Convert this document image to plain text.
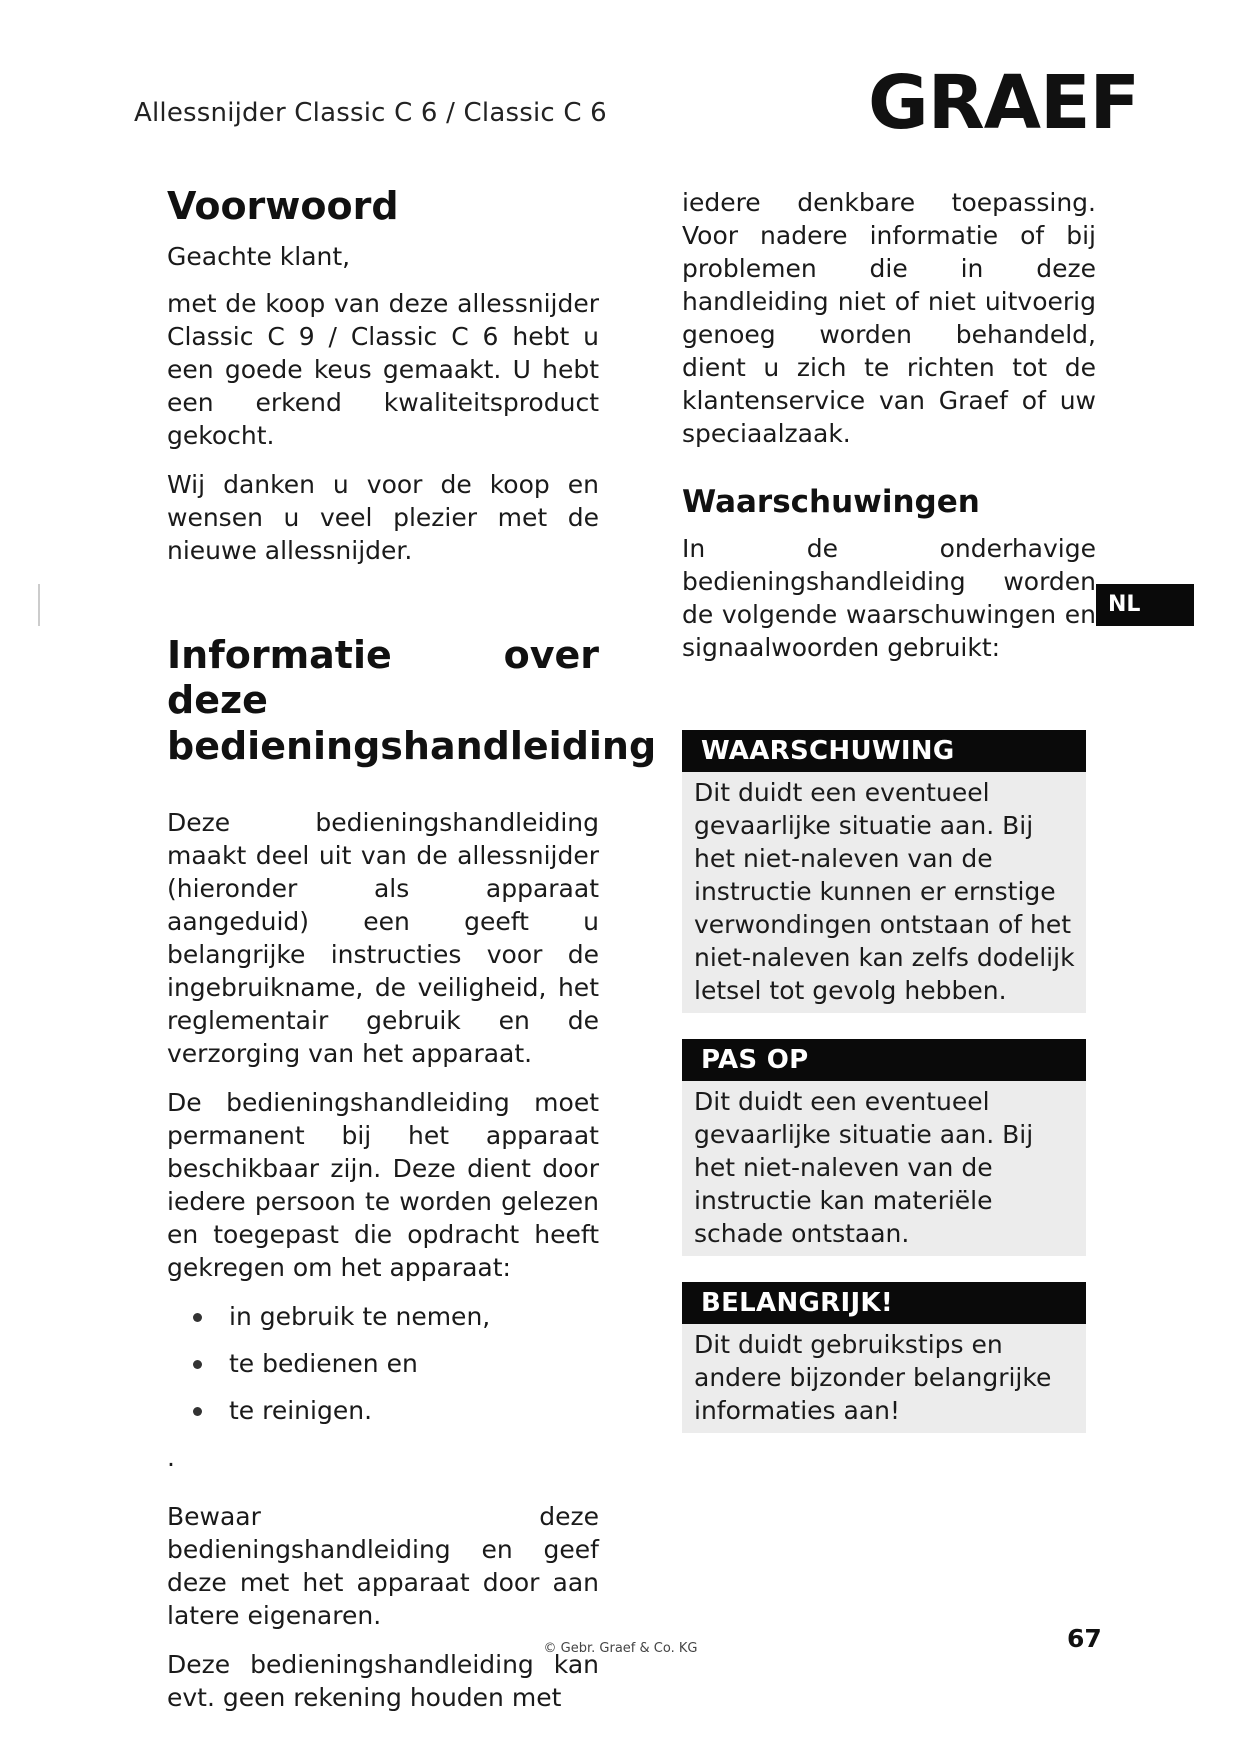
Allessnijder Classic C 6 / Classic C 6	GRAEF
NL
Voorwoord

Geachte klant,

met de koop van deze allessnijder Classic C 9 / Classic C 6 hebt u een goede keus gemaakt. U hebt een erkend kwaliteitsproduct gekocht.

Wij danken u voor de koop en wensen u veel plezier met de nieuwe allessnijder.

Informatie over deze bedieningshandleiding

Deze bedieningshandleiding maakt deel uit van de allessnijder (hieronder als apparaat aangeduid) een geeft u belangrijke instructies voor de ingebruikname, de veiligheid, het reglementair gebruik en de verzorging van het apparaat.

De bedieningshandleiding moet permanent bij het apparaat beschikbaar zijn. Deze dient door iedere persoon te worden gelezen en toegepast die opdracht heeft gekregen om het apparaat:

in gebruik te nemen,
te bedienen en
te reinigen.
.

Bewaar deze bedieningshandleiding en geef deze met het apparaat door aan latere eigenaren.

Deze bedieningshandleiding kan evt. geen rekening houden met

iedere denkbare toepassing. Voor nadere informatie of bij problemen die in deze handleiding niet of niet uitvoerig genoeg worden behandeld, dient u zich te richten tot de klantenservice van Graef of uw speciaalzaak.

Waarschuwingen

In de onderhavige bedieningshandleiding worden de volgende waarschuwingen en signaalwoorden gebruikt:

WAARSCHUWING
Dit duidt een eventueel gevaarlijke situatie aan. Bij het niet-naleven van de instructie kunnen er ernstige verwondingen ontstaan of het niet-naleven kan zelfs dodelijk letsel tot gevolg hebben.
PAS OP
Dit duidt een eventueel gevaarlijke situatie aan. Bij het niet-naleven van de instructie kan materiële schade ontstaan.
BELANGRIJK!
Dit duidt gebruikstips en andere bijzonder belangrijke informaties aan!
© Gebr. Graef & Co. KG	67
